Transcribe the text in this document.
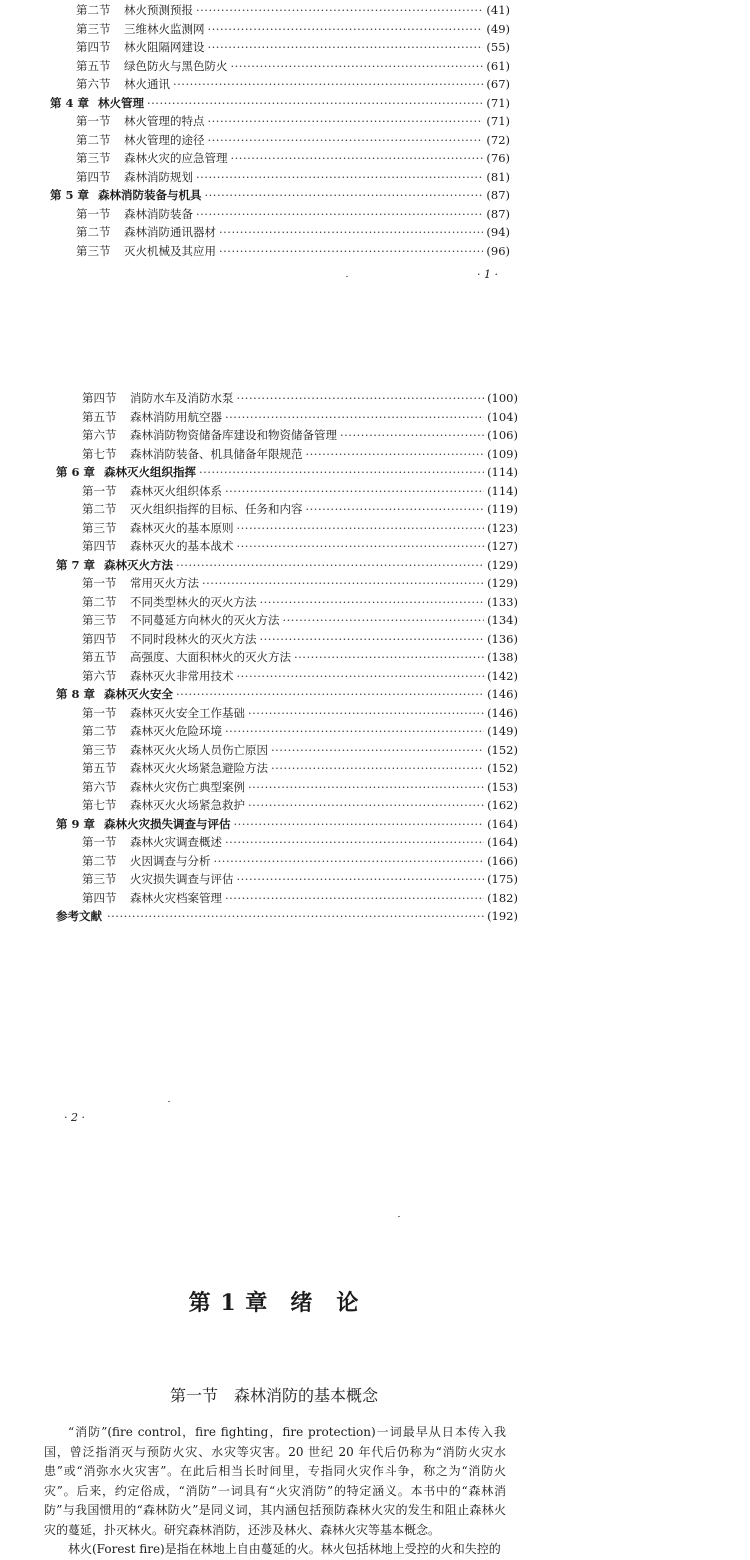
第二节	林火预测预报 ·····	(41)
第三节	三维林火监测网 ·····	(49)
第四节	林火阻隔网建设 ·····	(55)
第五节	绿色防火与黑色防火 ·····	(61)
第六节	林火通讯 ·····	(67)
第 4 章 林火管理 ·····	(71)
第一节	林火管理的特点 ·····	(71)
第二节	林火管理的途径 ·····	(72)
第三节	森林火灾的应急管理 ·····	(76)
第四节	森林消防规划 ·····	(81)
第 5 章 森林消防装备与机具 ·····	(87)
第一节	森林消防装备 ·····	(87)
第二节	森林消防通讯器材 ·····	(94)
第三节	灭火机械及其应用 ·····	(96)
· 1 ·
第四节	消防水车及消防水泵 ·····	(100)
第五节	森林消防用航空器 ·····	(104)
第六节	森林消防物资储备库建设和物资储备管理 ·····	(106)
第七节	森林消防装备、机具储备年限规范 ·····	(109)
第 6 章 森林灭火组织指挥 ·····	(114)
第一节	森林灭火组织体系 ·····	(114)
第二节	灭火组织指挥的目标、任务和内容 ·····	(119)
第三节	森林灭火的基本原则 ·····	(123)
第四节	森林灭火的基本战术 ·····	(127)
第 7 章 森林灭火方法 ·····	(129)
第一节	常用灭火方法 ·····	(129)
第二节	不同类型林火的灭火方法 ·····	(133)
第三节	不同蔓延方向林火的灭火方法 ·····	(134)
第四节	不同时段林火的灭火方法 ·····	(136)
第五节	高强度、大面积林火的灭火方法 ·····	(138)
第六节	森林灭火非常用技术 ·····	(142)
第 8 章 森林灭火安全 ·····	(146)
第一节	森林灭火安全工作基础 ·····	(146)
第二节	森林灭火危险环境 ·····	(149)
第三节	森林灭火火场人员伤亡原因 ·····	(152)
第五节	森林灭火火场紧急避险方法 ·····	(152)
第六节	森林火灾伤亡典型案例 ·····	(153)
第七节	森林灭火火场紧急救护 ·····	(162)
第 9 章 森林火灾损失调查与评估 ·····	(164)
第一节	森林火灾调查概述 ·····	(164)
第二节	火因调查与分析 ·····	(166)
第三节	火灾损失调查与评估 ·····	(175)
第四节	森林火灾档案管理 ·····	(182)
参考文献 ·····	(192)
· 2 ·
第 1 章 绪　论
第一节 森林消防的基本概念

“消防”(fire control，fire fighting，fire protection)一词最早从日本传入我国，曾泛指消灭与预防火灾、水灾等灾害。20 世纪 20 年代后仍称为“消防火灾水患”或“消弥水火灾害”。在此后相当长时间里，专指同火灾作斗争，称之为“消防火灾”。后来，约定俗成，“消防”一词具有“火灾消防”的特定涵义。本书中的“森林消防”与我国惯用的“森林防火”是同义词，其内涵包括预防森林火灾的发生和阻止森林火灾的蔓延，扑灭林火。研究森林消防，还涉及林火、森林火灾等基本概念。

林火(Forest fire)是指在林地上自由蔓延的火。林火包括林地上受控的火和失控的
